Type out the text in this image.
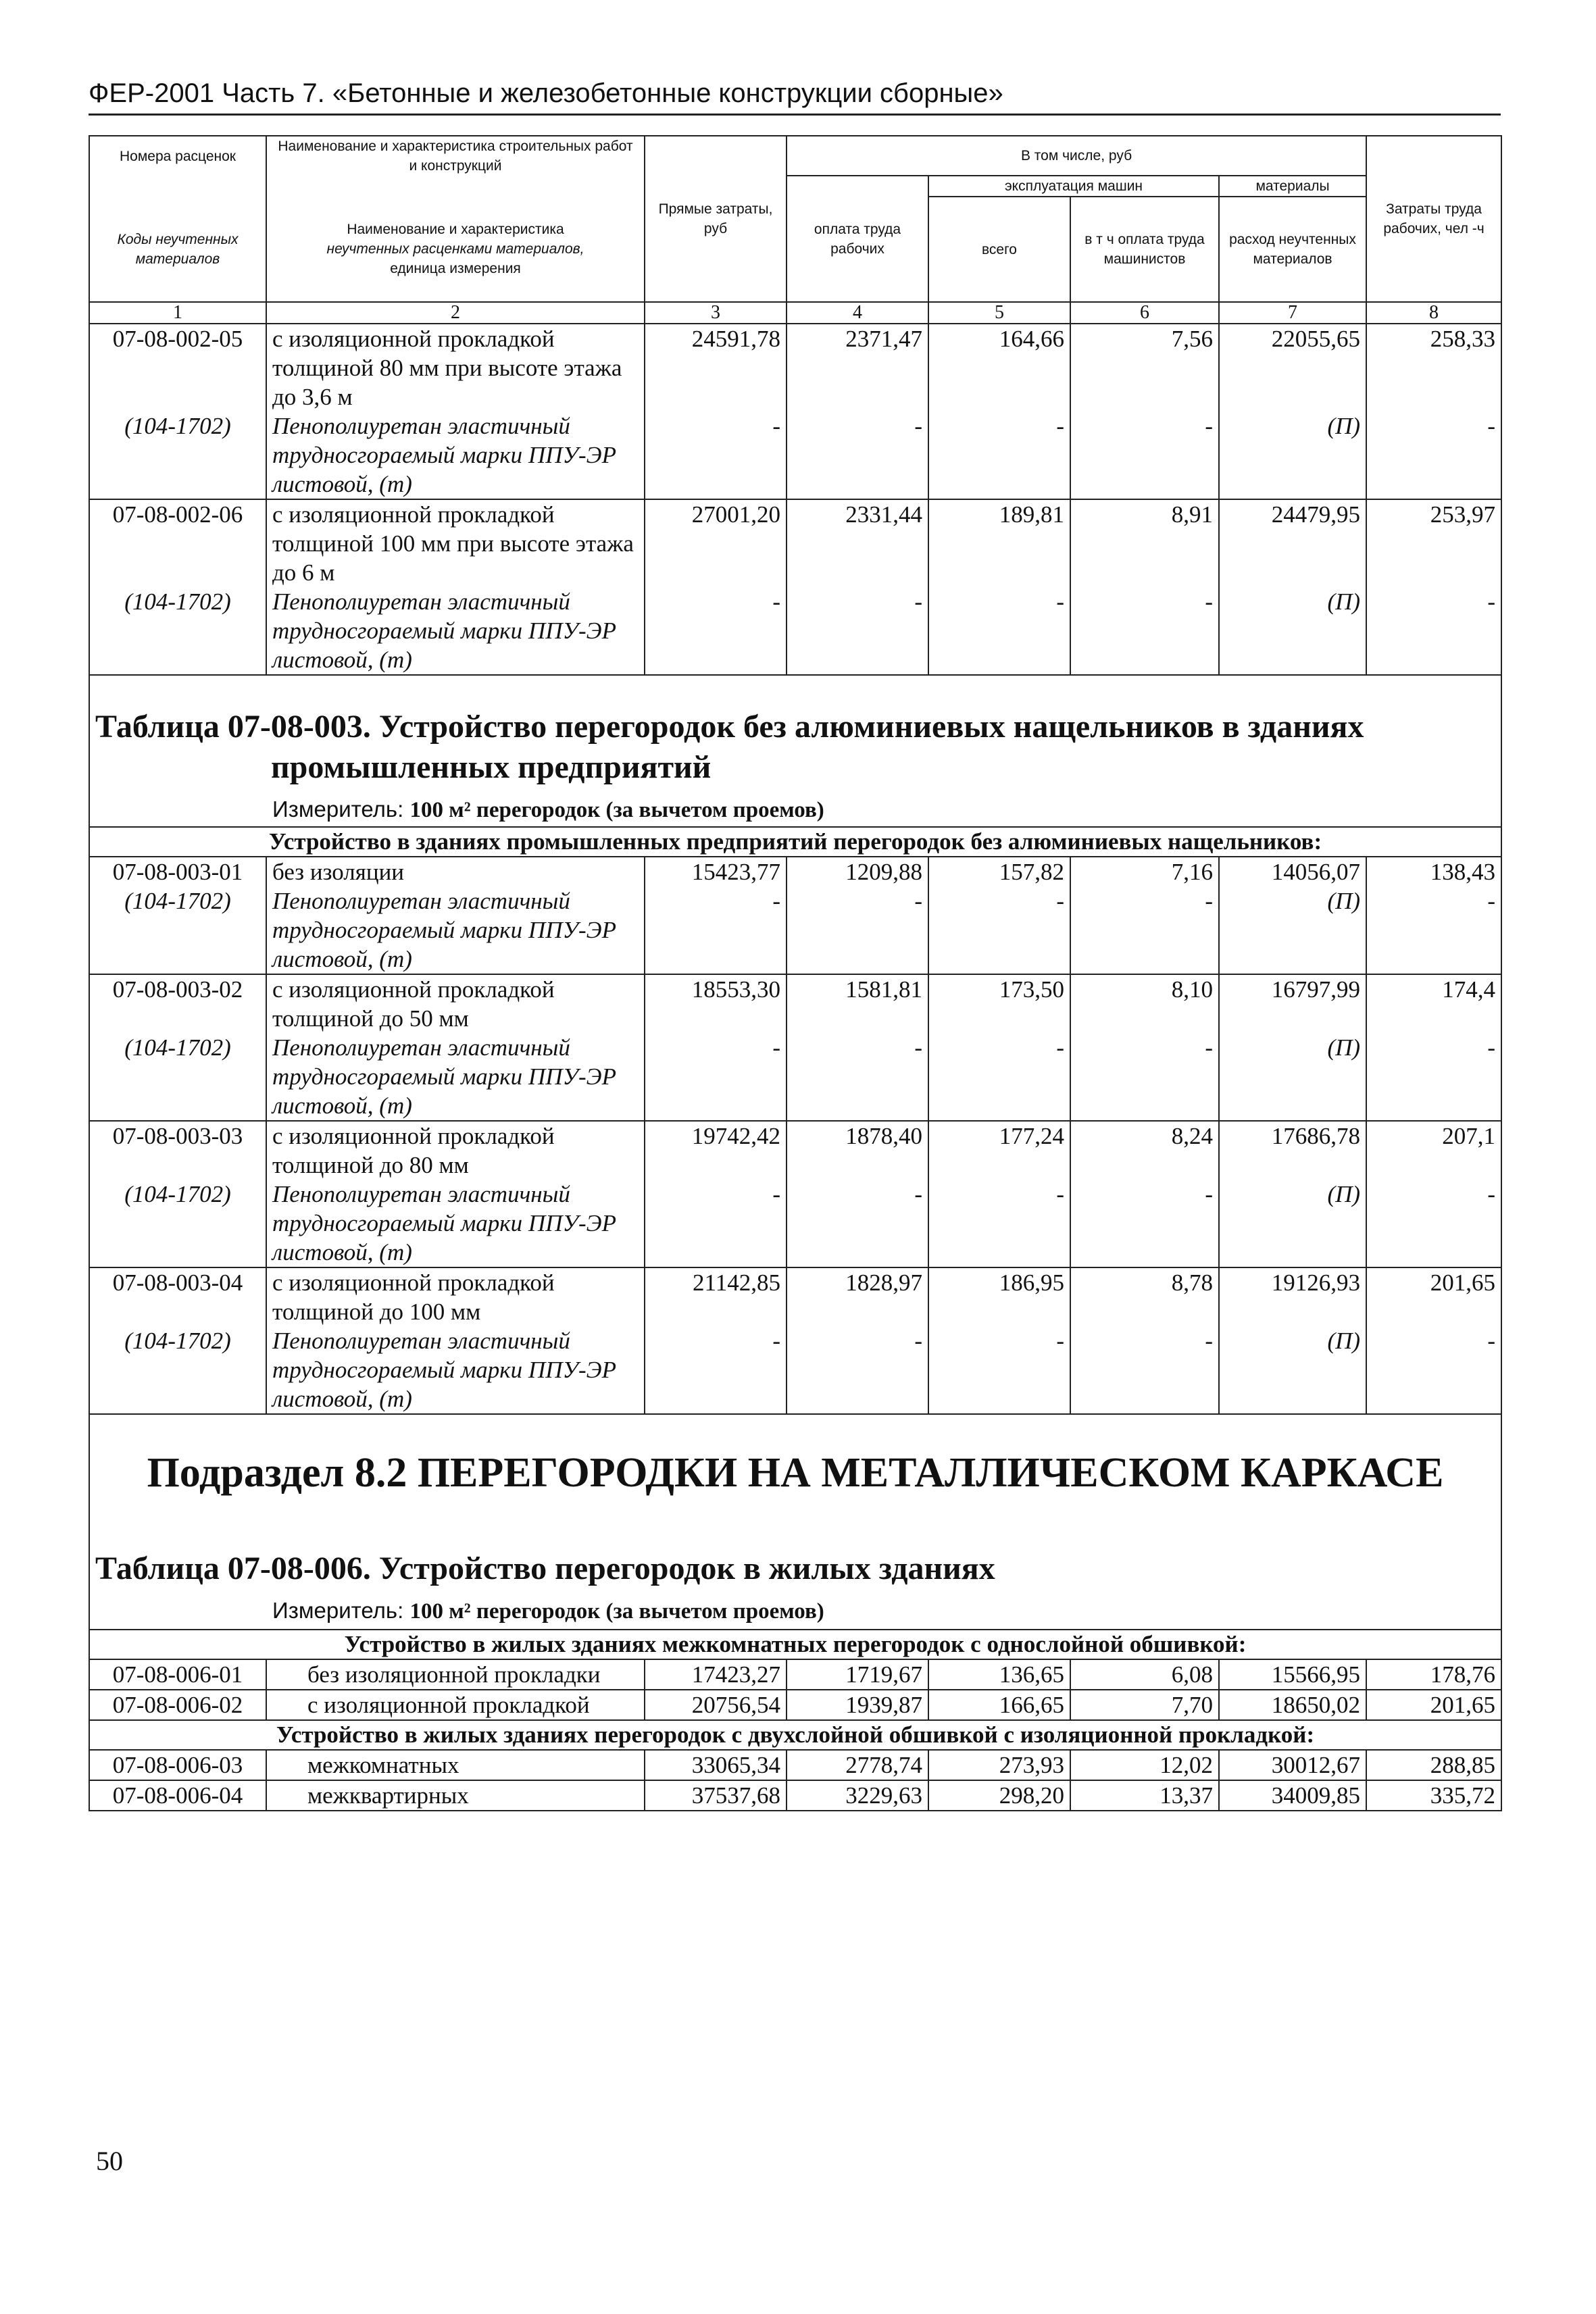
ФЕР-2001 Часть 7. «Бетонные и железобетонные конструкции сборные»
Номера расценок	Наименование и характеристика строительных работ и конструкций	Прямые затраты, руб	В том числе, руб				Затраты труда рабочих, чел -ч
			оплата труда рабочих	эксплуатация машин		материалы	
Коды неучтенных материалов	Наименование и характеристика
неучтенных расценками материалов,
единица измерения			всего	в т ч оплата труда машинистов	расход неучтенных материалов	
1	2	3	4	5	6	7	8
07-08-002-05	с изоляционной прокладкой толщиной 80 мм при высоте этажа до 3,6 м	24591,78	2371,47	164,66	7,56	22055,65	258,33
(104-1702)	Пенополиуретан эластичный трудносгораемый марки ППУ-ЭР листовой, (т)	-	-	-	-	(П)	-
07-08-002-06	с изоляционной прокладкой толщиной 100 мм при высоте этажа до 6 м	27001,20	2331,44	189,81	8,91	24479,95	253,97
(104-1702)	Пенополиуретан эластичный трудносгораемый марки ППУ-ЭР листовой, (т)	-	-	-	-	(П)	-

Таблица 07-08-003. Устройство перегородок без алюминиевых нащельников в зданиях промышленных предприятий
Измеритель: 100 м² перегородок (за вычетом проемов)							

Устройство в зданиях промышленных предприятий перегородок без алюминиевых нащельников:							
07-08-003-01	без изоляции	15423,77	1209,88	157,82	7,16	14056,07	138,43
(104-1702)	Пенополиуретан эластичный трудносгораемый марки ППУ-ЭР листовой, (т)	-	-	-	-	(П)	-
07-08-003-02	с изоляционной прокладкой толщиной до 50 мм	18553,30	1581,81	173,50	8,10	16797,99	174,4
(104-1702)	Пенополиуретан эластичный трудносгораемый марки ППУ-ЭР листовой, (т)	-	-	-	-	(П)	-
07-08-003-03	с изоляционной прокладкой толщиной до 80 мм	19742,42	1878,40	177,24	8,24	17686,78	207,1
(104-1702)	Пенополиуретан эластичный трудносгораемый марки ППУ-ЭР листовой, (т)	-	-	-	-	(П)	-
07-08-003-04	с изоляционной прокладкой толщиной до 100 мм	21142,85	1828,97	186,95	8,78	19126,93	201,65
(104-1702)	Пенополиуретан эластичный трудносгораемый марки ППУ-ЭР листовой, (т)	-	-	-	-	(П)	-

Подраздел 8.2 ПЕРЕГОРОДКИ НА МЕТАЛЛИЧЕСКОМ КАРКАСЕ
Таблица 07-08-006. Устройство перегородок в жилых зданиях
Измеритель: 100 м² перегородок (за вычетом проемов)							

Устройство в жилых зданиях межкомнатных перегородок с однослойной обшивкой:							
07-08-006-01	без изоляционной прокладки	17423,27	1719,67	136,65	6,08	15566,95	178,76
07-08-006-02	с изоляционной прокладкой	20756,54	1939,87	166,65	7,70	18650,02	201,65
Устройство в жилых зданиях перегородок с двухслойной обшивкой с изоляционной прокладкой:							
07-08-006-03	межкомнатных	33065,34	2778,74	273,93	12,02	30012,67	288,85
07-08-006-04	межквартирных	37537,68	3229,63	298,20	13,37	34009,85	335,72
50
